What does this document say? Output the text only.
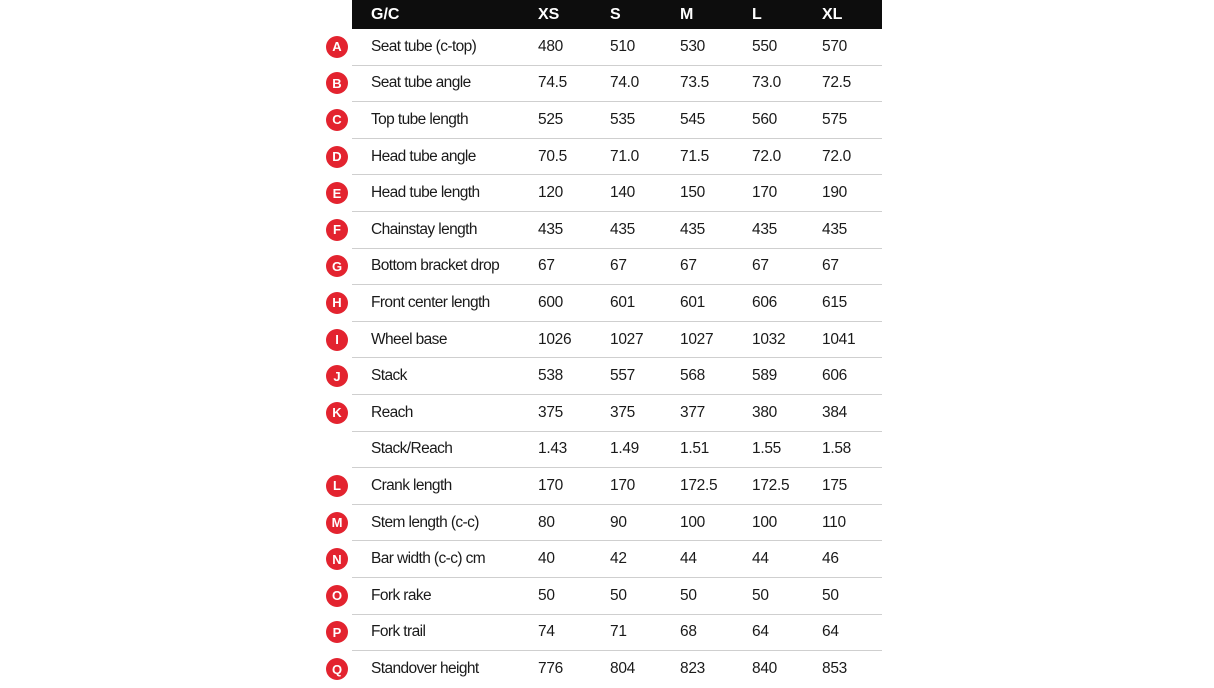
G/C	XS	S	M	L	XL
A	Seat tube (c-top)	480	510	530	550	570
B	Seat tube angle	74.5	74.0	73.5	73.0	72.5
C	Top tube length	525	535	545	560	575
D	Head tube angle	70.5	71.0	71.5	72.0	72.0
E	Head tube length	120	140	150	170	190
F	Chainstay length	435	435	435	435	435
G	Bottom bracket drop	67	67	67	67	67
H	Front center length	600	601	601	606	615
I	Wheel base	1026 1027 1027 1032 1041
J	Stack	538	557	568	589	606
K	Reach	375	375	377	380	384
Stack/Reach	1.43	1.49	1.51	1.55	1.58
L	Crank length	170	170	172.5 172.5 175
M	Stem length (c-c)	80	90	100	100	110
N	Bar width (c-c) cm	40	42	44	44	46
O	Fork rake	50	50	50	50	50
P	Fork trail	74	71	68	64	64
Q	Standover height	776	804	823	840	853
